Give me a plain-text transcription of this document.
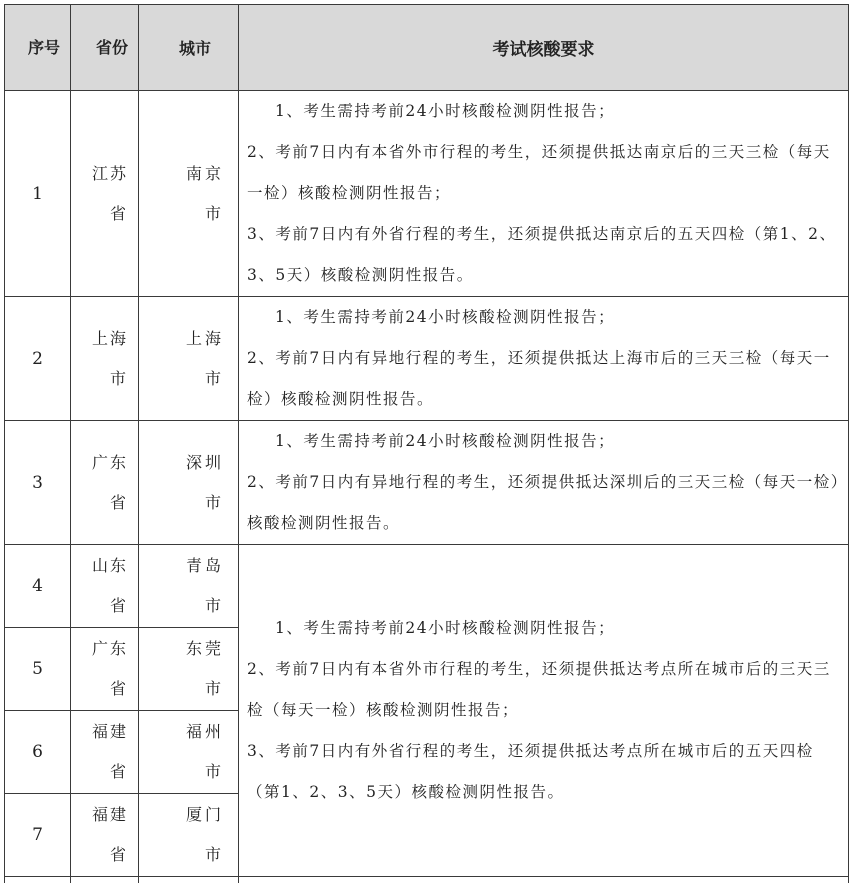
序号	省份	城市	考试核酸要求
1	江苏省	南京市	1、考生需持考前24小时核酸检测阴性报告；

2、考前7日内有本省外市行程的考生，还须提供抵达南京后的三天三检（每天一检）核酸检测阴性报告；

3、考前7日内有外省行程的考生，还须提供抵达南京后的五天四检（第1、2、3、5天）核酸检测阴性报告。

2	上海市	上海市	1、考生需持考前24小时核酸检测阴性报告；

2、考前7日内有异地行程的考生，还须提供抵达上海市后的三天三检（每天一检）核酸检测阴性报告。

3	广东省	深圳市	1、考生需持考前24小时核酸检测阴性报告；

2、考前7日内有异地行程的考生，还须提供抵达深圳后的三天三检（每天一检）核酸检测阴性报告。

4	山东省	青岛市	1、考生需持考前24小时核酸检测阴性报告；

2、考前7日内有本省外市行程的考生，还须提供抵达考点所在城市后的三天三检（每天一检）核酸检测阴性报告；

3、考前7日内有外省行程的考生，还须提供抵达考点所在城市后的五天四检（第1、2、3、5天）核酸检测阴性报告。

5	广东省	东莞市	
6	福建省	福州市	
7	福建省	厦门市	
